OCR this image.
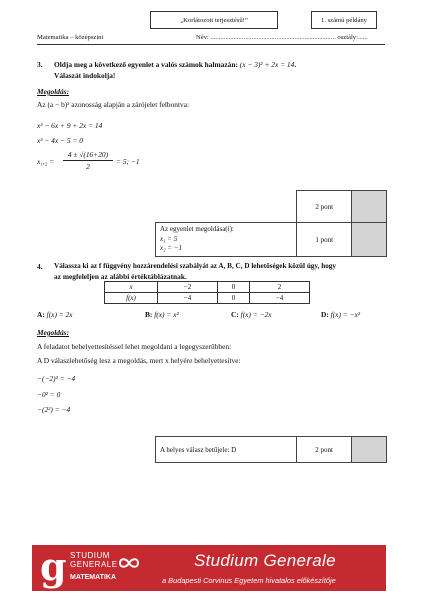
„Korlátozott terjesztésű!”	1. számú példány
Matematika – középszint	Név: ............................................................................ osztály:......
3. Oldja meg a következő egyenlet a valós számok halmazán: (x − 3)² + 2x = 14.
Válaszát indokolja!
Megoldás:
Az (a − b)² azonosság alapján a zárójelet felbontva:
x² − 6x + 9 + 2x = 14
x² − 4x − 5 = 0
x₁,₂ =
4 ± √(16+20)
2
= 5; −1
	2 pont	

Az egyenlet megoldása(i):
x₁ = 5
x₂ = −1	1 pont	
4. Válassza ki az f függvény hozzárendelési szabályát az A, B, C, D lehetőségek közül úgy, hogy
az megfeleljen az alábbi értéktáblázatnak.
x	−2	0	2
f(x)	−4	0	−4
A: f(x) = 2x	B: f(x) = x²	C: f(x) = −2x	D: f(x) = −x²
Megoldás:
A feladatot behelyettesítéssel lehet megoldani a legegyszerűbben:
A D válaszlehetőség lesz a megoldás, mert x helyére behelyettesítve:
−(−2)² = −4
−0² = 0
−(2²) = −4
A helyes válasz betűjele: D	2 pont	
g STUDIUM
GENERALE
MATEMATIKA
Studium Generale
a Budapesti Corvinus Egyetem hivatalos előkészítője
